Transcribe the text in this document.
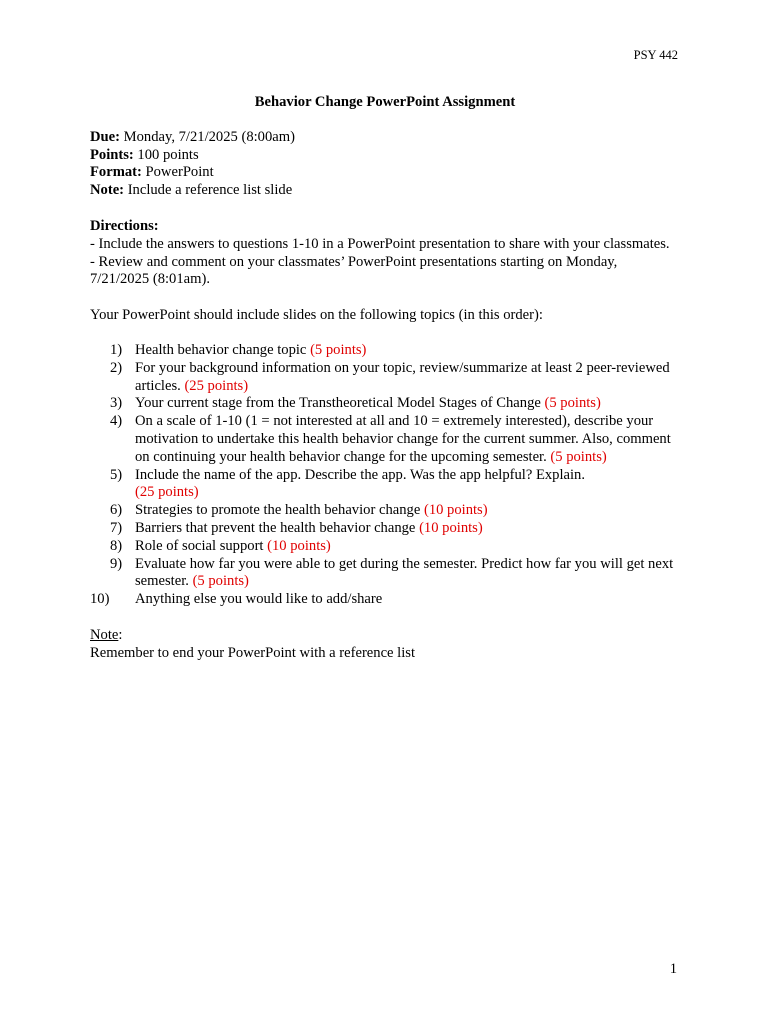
PSY 442

Behavior Change PowerPoint Assignment

Due: Monday, 7/21/2025 (8:00am)

Points: 100 points

Format: PowerPoint

Note: Include a reference list slide

Directions:

- Include the answers to questions 1-10 in a PowerPoint presentation to share with your classmates.

- Review and comment on your classmates’ PowerPoint presentations starting on Monday, 7/21/2025 (8:01am).

Your PowerPoint should include slides on the following topics (in this order):

1) Health behavior change topic (5 points)
2) For your background information on your topic, review/summarize at least 2 peer-reviewed articles. (25 points)
3) Your current stage from the Transtheoretical Model Stages of Change (5 points)
4) On a scale of 1-10 (1 = not interested at all and 10 = extremely interested), describe your motivation to undertake this health behavior change for the current summer. Also, comment on continuing your health behavior change for the upcoming semester. (5 points)
5) Include the name of the app. Describe the app. Was the app helpful? Explain.
(25 points)
6) Strategies to promote the health behavior change (10 points)
7) Barriers that prevent the health behavior change (10 points)
8) Role of social support (10 points)
9) Evaluate how far you were able to get during the semester. Predict how far you will get next semester. (5 points)
10) Anything else you would like to add/share

Note:

Remember to end your PowerPoint with a reference list

1
